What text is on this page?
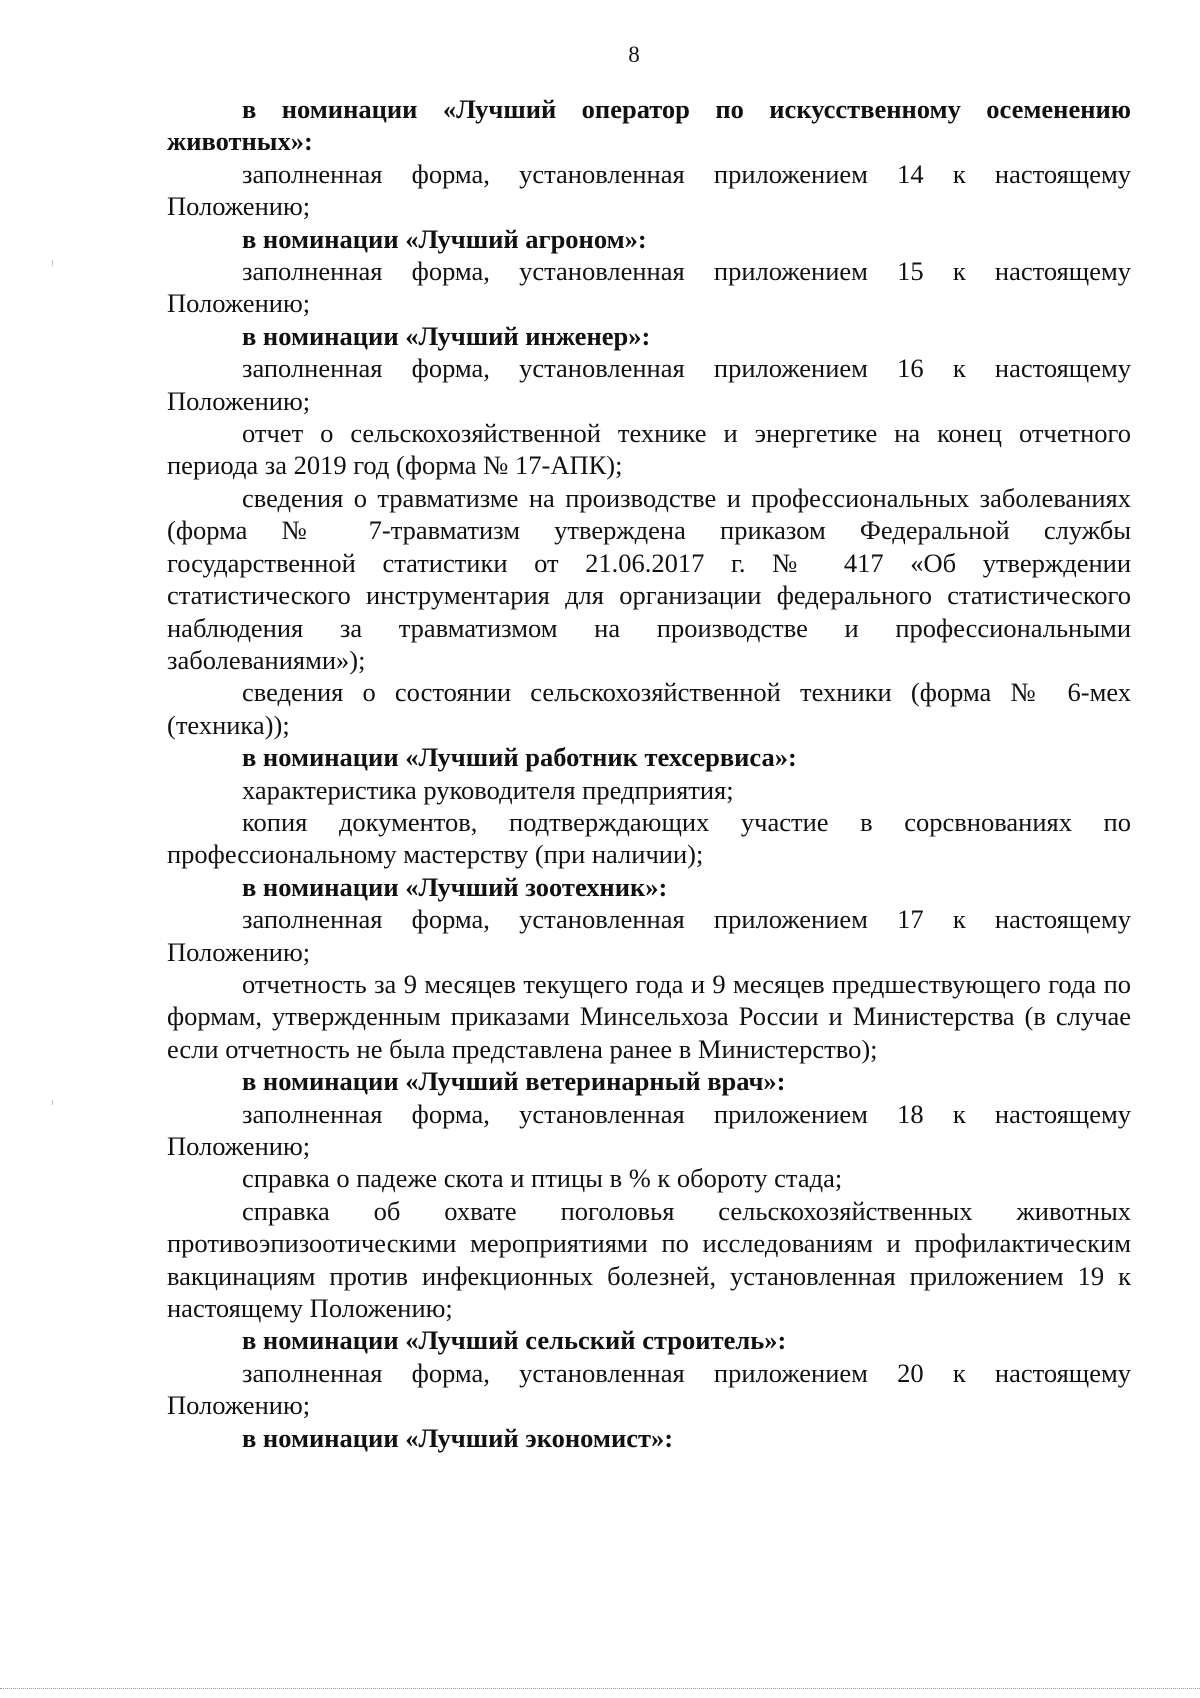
8

в номинации «Лучший оператор по искусственному осеменению животных»:

заполненная форма, установленная приложением 14 к настоящему Положению;

в номинации «Лучший агроном»:

заполненная форма, установленная приложением 15 к настоящему Положению;

в номинации «Лучший инженер»:

заполненная форма, установленная приложением 16 к настоящему Положению;

отчет о сельскохозяйственной технике и энергетике на конец отчетного периода за 2019 год (форма № 17-АПК);

сведения о травматизме на производстве и профессиональных заболеваниях (форма № 7-травматизм утверждена приказом Федеральной службы государственной статистики от 21.06.2017 г. № 417 «Об утверждении статистического инструментария для организации федерального статистического наблюдения за травматизмом на производстве и профессиональными заболеваниями»);

сведения о состоянии сельскохозяйственной техники (форма № 6-мех (техника));

в номинации «Лучший работник техсервиса»:

характеристика руководителя предприятия;

копия документов, подтверждающих участие в сорсвнованиях по профессиональному мастерству (при наличии);

в номинации «Лучший зоотехник»:

заполненная форма, установленная приложением 17 к настоящему Положению;

отчетность за 9 месяцев текущего года и 9 месяцев предшествующего года по формам, утвержденным приказами Минсельхоза России и Министерства (в случае если отчетность не была представлена ранее в Министерство);

в номинации «Лучший ветеринарный врач»:

заполненная форма, установленная приложением 18 к настоящему Положению;

справка о падеже скота и птицы в % к обороту стада;

справка об охвате поголовья сельскохозяйственных животных противоэпизоотическими мероприятиями по исследованиям и профилактическим вакцинациям против инфекционных болезней, установленная приложением 19 к настоящему Положению;

в номинации «Лучший сельский строитель»:

заполненная форма, установленная приложением 20 к настоящему Положению;

в номинации «Лучший экономист»:
